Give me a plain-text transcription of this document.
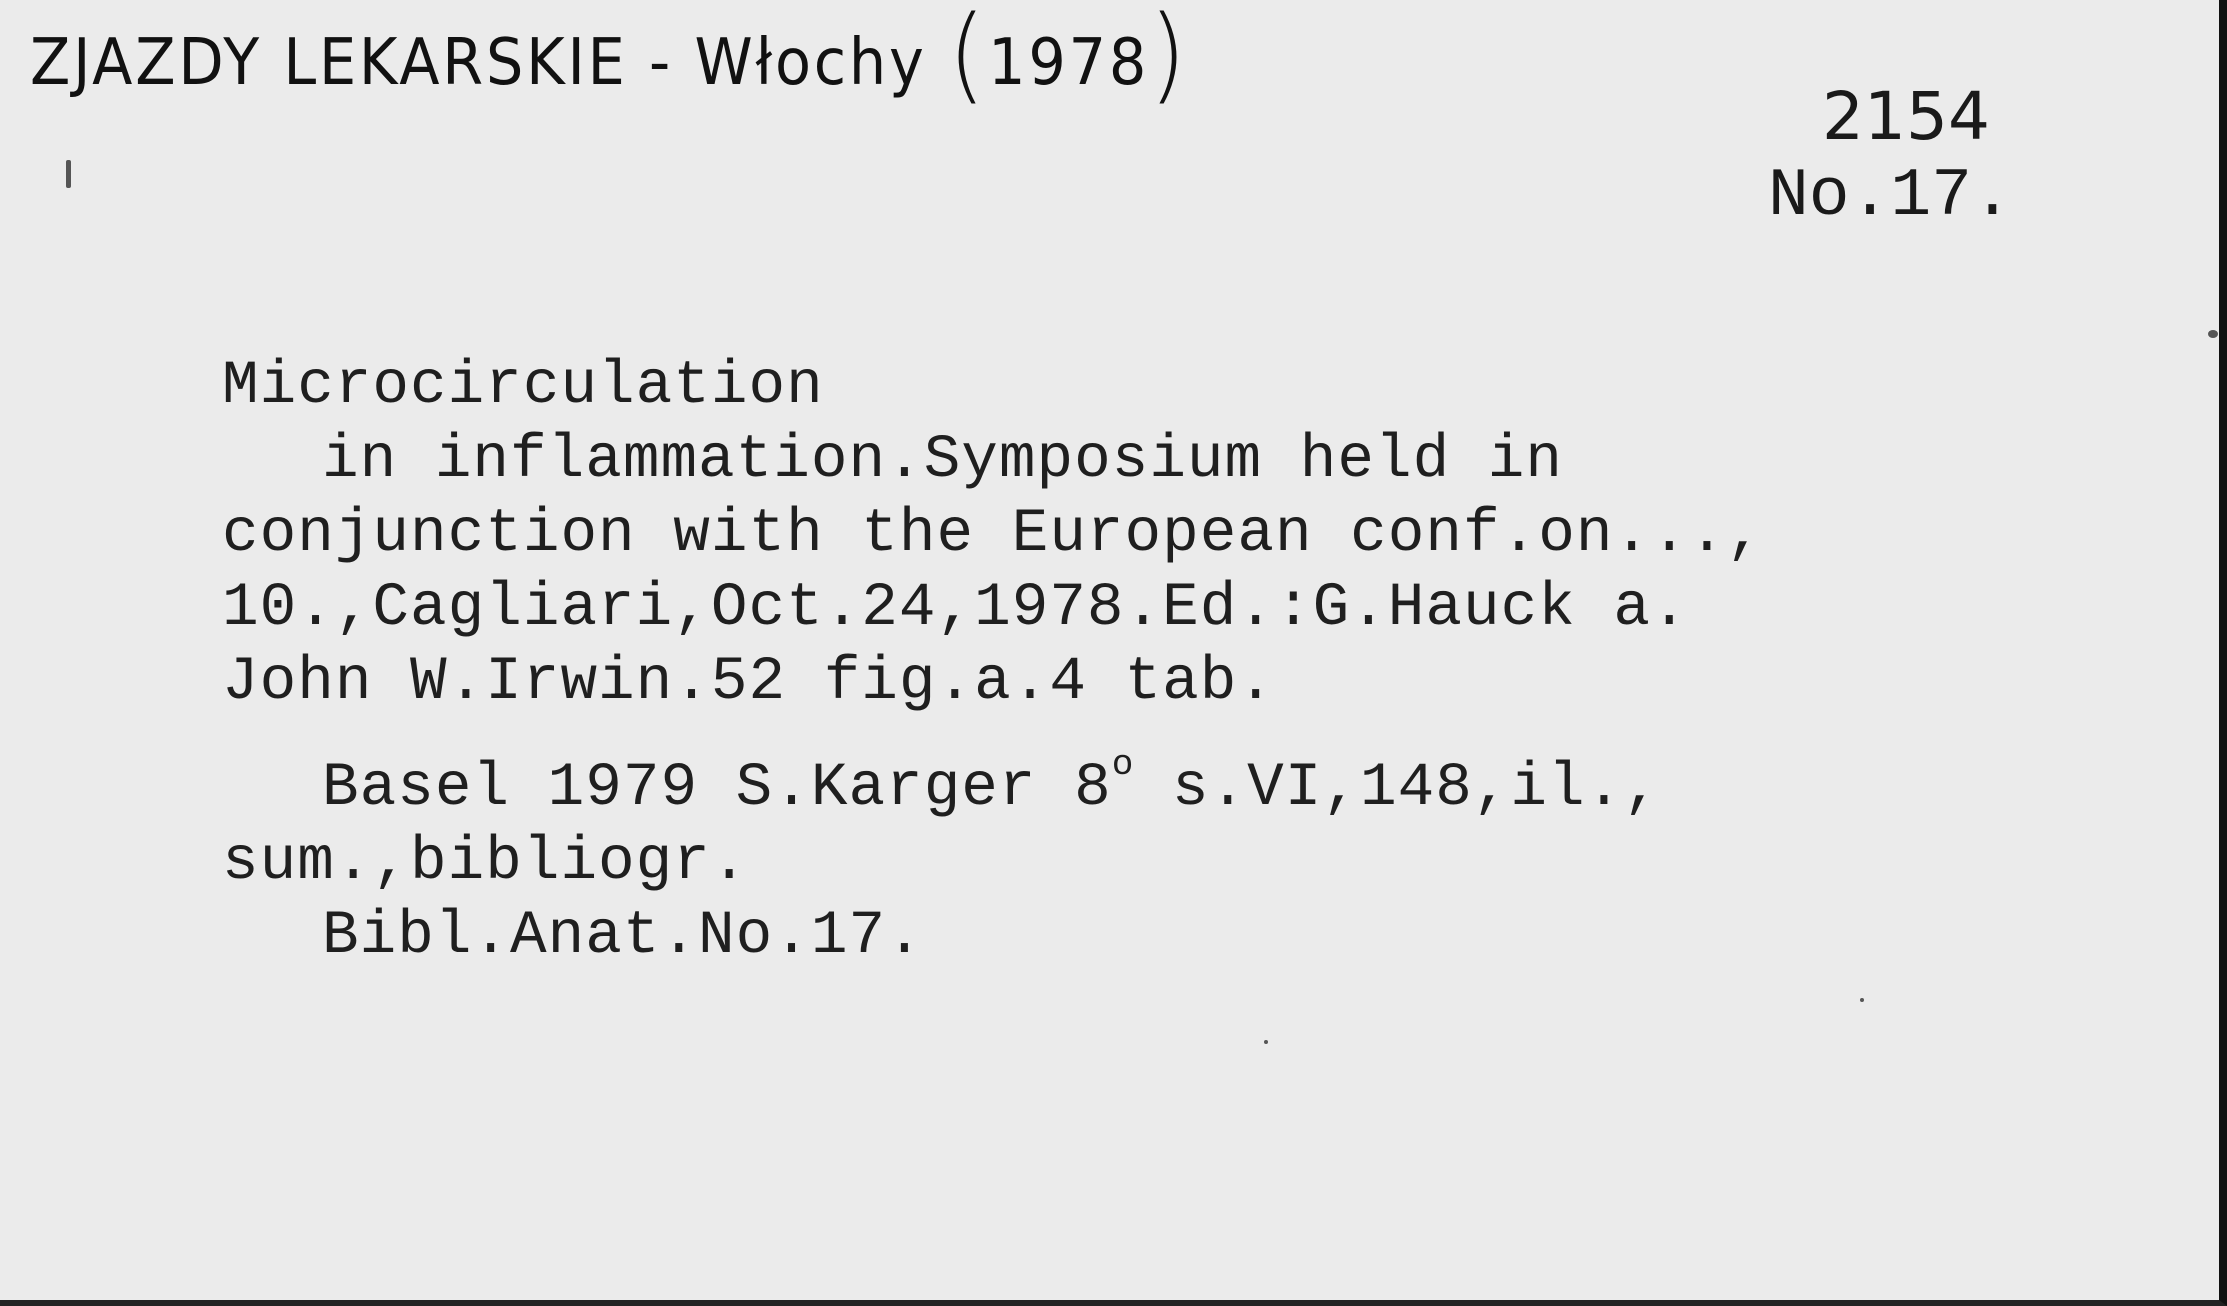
ZJAZDY LEKARSKIE - Włochy (1978)
2154
No.17.
Microcirculation
in inflammation.Symposium held in
conjunction with the European conf.on...,
10.,Cagliari,Oct.24,1978.Ed.:G.Hauck a.
John W.Irwin.52 fig.a.4 tab.
Basel 1979 S.Karger 8$^o$ s.VI,148,il.,
sum.,bibliogr.
Bibl.Anat.No.17.
